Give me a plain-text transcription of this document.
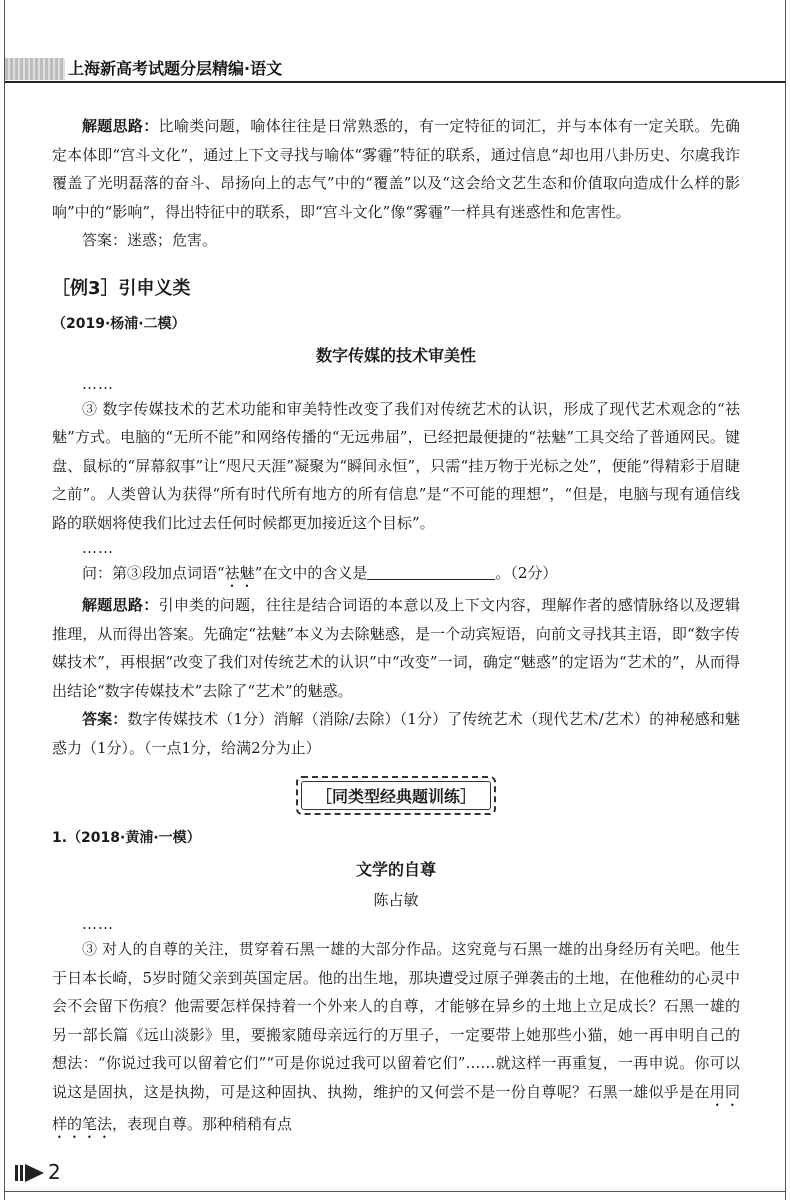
上海新高考试题分层精编·语文

解题思路：比喻类问题，喻体往往是日常熟悉的，有一定特征的词汇，并与本体有一定关联。先确定本体即“宫斗文化”，通过上下文寻找与喻体“雾霾”特征的联系，通过信息“却也用八卦历史、尔虞我诈覆盖了光明磊落的奋斗、昂扬向上的志气”中的“覆盖”以及“这会给文艺生态和价值取向造成什么样的影响”中的“影响”，得出特征中的联系，即“宫斗文化”像“雾霾”一样具有迷惑性和危害性。

答案：迷惑；危害。

［例3］引申义类
（2019·杨浦·二模）
数字传媒的技术审美性

……

③ 数字传媒技术的艺术功能和审美特性改变了我们对传统艺术的认识，形成了现代艺术观念的“祛魅”方式。电脑的“无所不能”和网络传播的“无远弗届”，已经把最便捷的“祛魅”工具交给了普通网民。键盘、鼠标的“屏幕叙事”让“咫尺天涯”凝聚为“瞬间永恒”，只需“挂万物于光标之处”，便能“得精彩于眉睫之前”。人类曾认为获得“所有时代所有地方的所有信息”是“不可能的理想”，“但是，电脑与现有通信线路的联姻将使我们比过去任何时候都更加接近这个目标”。

……

问：第③段加点词语“祛魅”在文中的含义是	。（2分）

解题思路：引申类的问题，往往是结合词语的本意以及上下文内容，理解作者的感情脉络以及逻辑推理，从而得出答案。先确定“祛魅”本义为去除魅惑，是一个动宾短语，向前文寻找其主语，即“数字传媒技术”，再根据“改变了我们对传统艺术的认识”中“改变”一词，确定“魅惑”的定语为“艺术的”，从而得出结论“数字传媒技术”去除了“艺术”的魅惑。

答案：数字传媒技术（1分）消解（消除/去除）（1分）了传统艺术（现代艺术/艺术）的神秘感和魅惑力（1分）。（一点1分，给满2分为止）

［同类型经典题训练］
1.（2018·黄浦·一模）
文学的自尊
陈占敏

……

③ 对人的自尊的关注，贯穿着石黑一雄的大部分作品。这究竟与石黑一雄的出身经历有关吧。他生于日本长崎，5岁时随父亲到英国定居。他的出生地，那块遭受过原子弹袭击的土地，在他稚幼的心灵中会不会留下伤痕？他需要怎样保持着一个外来人的自尊，才能够在异乡的土地上立足成长？石黑一雄的另一部长篇《远山淡影》里，要搬家随母亲远行的万里子，一定要带上她那些小猫，她一再申明自己的想法：“你说过我可以留着它们”“可是你说过我可以留着它们”……就这样一再重复，一再申说。你可以说这是固执，这是执拗，可是这种固执、执拗，维护的又何尝不是一份自尊呢？石黑一雄似乎是在用同样的笔法，表现自尊。那种稍稍有点

2
